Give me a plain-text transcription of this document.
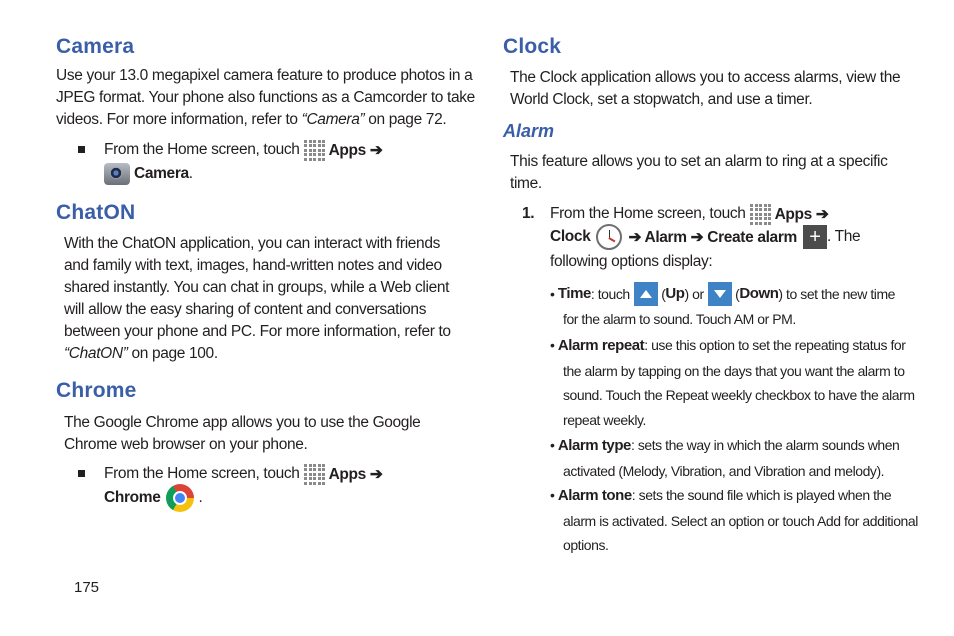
Camera
Use your 13.0 megapixel camera feature to produce photos in a
JPEG format. Your phone also functions as a Camcorder to take
videos. For more information, refer to “Camera” on page 72.
From the Home screen, touch Apps ➔
Camera .
ChatON
With the ChatON application, you can interact with friends
and family with text, images, hand-written notes and video
shared instantly. You can chat in groups, while a Web client
will allow the easy sharing of content and conversations
between your phone and PC. For more information, refer to
“ChatON” on page 100.
Chrome
The Google Chrome app allows you to use the Google
Chrome web browser on your phone.
From the Home screen, touch Apps ➔
Chrome .
Clock
The Clock application allows you to access alarms, view the
World Clock, set a stopwatch, and use a timer.
Alarm
This feature allows you to set an alarm to ring at a specific
time.
1. From the Home screen, touch Apps ➔
Clock ➔ Alarm ➔ Create alarm + . The
following options display:
• Time : touch ( Up ) or ( Down ) to set the new time
for the alarm to sound. Touch AM or PM.
• Alarm repeat: use this option to set the repeating status for
the alarm by tapping on the days that you want the alarm to
sound. Touch the Repeat weekly checkbox to have the alarm
repeat weekly.
• Alarm type: sets the way in which the alarm sounds when
activated (Melody, Vibration, and Vibration and melody).
• Alarm tone: sets the sound file which is played when the
alarm is activated. Select an option or touch Add for additional
options.
175
